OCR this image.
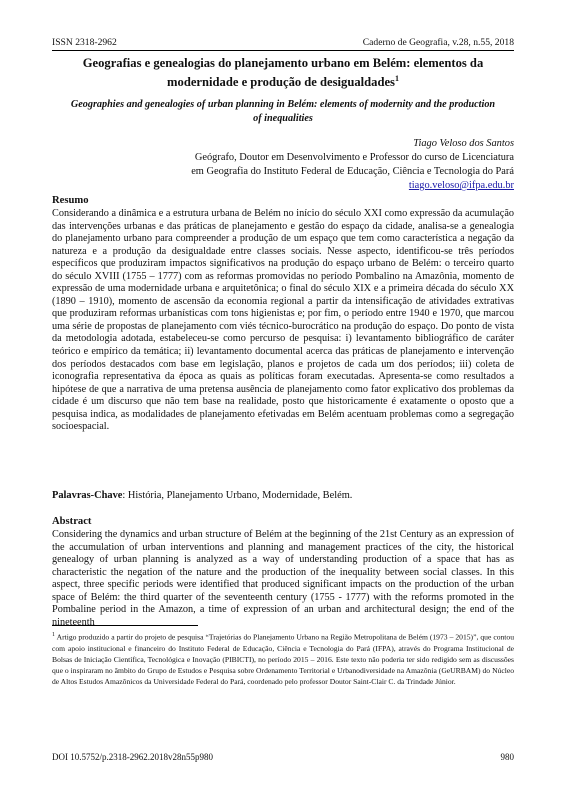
ISSN 2318-2962	Caderno de Geografia, v.28, n.55, 2018
Geografias e genealogias do planejamento urbano em Belém: elementos da modernidade e produção de desigualdades$^1$
Geographies and genealogies of urban planning in Belém: elements of modernity and the production of inequalities
Tiago Veloso dos Santos
Geógrafo, Doutor em Desenvolvimento e Professor do curso de Licenciatura
em Geografia do Instituto Federal de Educação, Ciência e Tecnologia do Pará
tiago.veloso@ifpa.edu.br
Resumo
Considerando a dinâmica e a estrutura urbana de Belém no início do século XXI como expressão da acumulação das intervenções urbanas e das práticas de planejamento e gestão do espaço da cidade, analisa-se a genealogia do planejamento urbano para compreender a produção de um espaço que tem como característica a negação da natureza e a produção da desigualdade entre classes sociais. Nesse aspecto, identificou-se três períodos específicos que produziram impactos significativos na produção do espaço urbano de Belém: o terceiro quarto do século XVIII (1755 – 1777) com as reformas promovidas no período Pombalino na Amazônia, momento de expressão de uma modernidade urbana e arquitetônica; o final do século XIX e a primeira década do século XX (1890 – 1910), momento de ascensão da economia regional a partir da intensificação de atividades extrativas que produziram reformas urbanísticas com tons higienistas e; por fim, o período entre 1940 e 1970, que marcou uma série de propostas de planejamento com viés técnico-burocrático na produção do espaço. Do ponto de vista da metodologia adotada, estabeleceu-se como percurso de pesquisa: i) levantamento bibliográfico de caráter teórico e empírico da temática; ii) levantamento documental acerca das práticas de planejamento e intervenção dos períodos destacados com base em legislação, planos e projetos de cada um dos períodos; iii) coleta de iconografia representativa da época as quais as políticas foram executadas. Apresenta-se como resultados a hipótese de que a narrativa de uma pretensa ausência de planejamento como fator explicativo dos problemas da cidade é um discurso que não tem base na realidade, posto que historicamente é exatamente o oposto que a pesquisa indica, as modalidades de planejamento efetivadas em Belém acentuam problemas como a segregação socioespacial.
Palavras-Chave: História, Planejamento Urbano, Modernidade, Belém.
Abstract
Considering the dynamics and urban structure of Belém at the beginning of the 21st Century as an expression of the accumulation of urban interventions and planning and management practices of the city, the historical genealogy of urban planning is analyzed as a way of understanding production of a space that has as characteristic the negation of the nature and the production of the inequality between social classes. In this aspect, three specific periods were identified that produced significant impacts on the production of the urban space of Belém: the third quarter of the seventeenth century (1755 - 1777) with the reforms promoted in the Pombaline period in the Amazon, a time of expression of an urban and architectural design; the end of the nineteenth
$^1$ Artigo produzido a partir do projeto de pesquisa “Trajetórias do Planejamento Urbano na Região Metropolitana de Belém (1973 – 2015)”, que contou com apoio institucional e financeiro do Instituto Federal de Educação, Ciência e Tecnologia do Pará (IFPA), através do Programa Institucional de Bolsas de Iniciação Científica, Tecnológica e Inovação (PIBICTI), no período 2015 – 2016. Este texto não poderia ter sido redigido sem as discussões que o inspiraram no âmbito do Grupo de Estudos e Pesquisa sobre Ordenamento Territorial e Urbanodiversidade na Amazônia (GeURBAM) do Núcleo de Altos Estudos Amazônicos da Universidade Federal do Pará, coordenado pelo professor Doutor Saint-Clair C. da Trindade Júnior.
DOI 10.5752/p.2318-2962.2018v28n55p980	980
